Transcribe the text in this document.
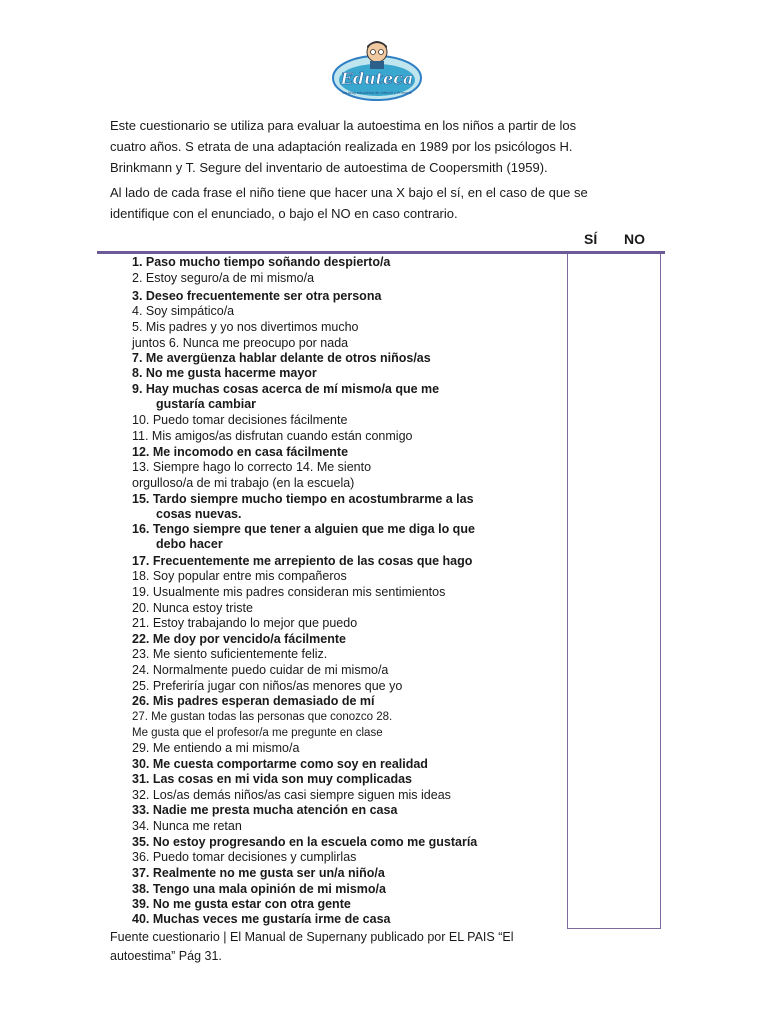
Eduteca
Un blog educativo de Infantil y Primaria

Este cuestionario se utiliza para evaluar la autoestima en los niños a partir de los
cuatro años. S etrata de una adaptación realizada en 1989 por los psicólogos H.
Brinkmann y T. Segure del inventario de autoestima de Coopersmith (1959).

Al lado de cada frase el niño tiene que hacer una X bajo el sí, en el caso de que se
identifique con el enunciado, o bajo el NO en caso contrario.

SÍ NO
1. Paso mucho tiempo soñando despierto/a
2. Estoy seguro/a de mi mismo/a
3. Deseo frecuentemente ser otra persona
4. Soy simpático/a
5. Mis padres y yo nos divertimos mucho
juntos 6. Nunca me preocupo por nada
7. Me avergüenza hablar delante de otros niños/as
8. No me gusta hacerme mayor
9. Hay muchas cosas acerca de mí mismo/a que me
gustaría cambiar
10. Puedo tomar decisiones fácilmente
11. Mis amigos/as disfrutan cuando están conmigo
12. Me incomodo en casa fácilmente
13. Siempre hago lo correcto 14. Me siento
orgulloso/a de mi trabajo (en la escuela)
15. Tardo siempre mucho tiempo en acostumbrarme a las
cosas nuevas.
16. Tengo siempre que tener a alguien que me diga lo que
debo hacer
17. Frecuentemente me arrepiento de las cosas que hago
18. Soy popular entre mis compañeros
19. Usualmente mis padres consideran mis sentimientos
20. Nunca estoy triste
21. Estoy trabajando lo mejor que puedo
22. Me doy por vencido/a fácilmente
23. Me siento suficientemente feliz.
24. Normalmente puedo cuidar de mi mismo/a
25. Preferiría jugar con niños/as menores que yo
26. Mis padres esperan demasiado de mí
27. Me gustan todas las personas que conozco 28.
Me gusta que el profesor/a me pregunte en clase
29. Me entiendo a mi mismo/a
30. Me cuesta comportarme como soy en realidad
31. Las cosas en mi vida son muy complicadas
32. Los/as demás niños/as casi siempre siguen mis ideas
33. Nadie me presta mucha atención en casa
34. Nunca me retan
35. No estoy progresando en la escuela como me gustaría
36. Puedo tomar decisiones y cumplirlas
37. Realmente no me gusta ser un/a niño/a
38. Tengo una mala opinión de mi mismo/a
39. No me gusta estar con otra gente
40. Muchas veces me gustaría irme de casa
Fuente cuestionario | El Manual de Supernany publicado por EL PAIS “El
autoestima” Pág 31.
